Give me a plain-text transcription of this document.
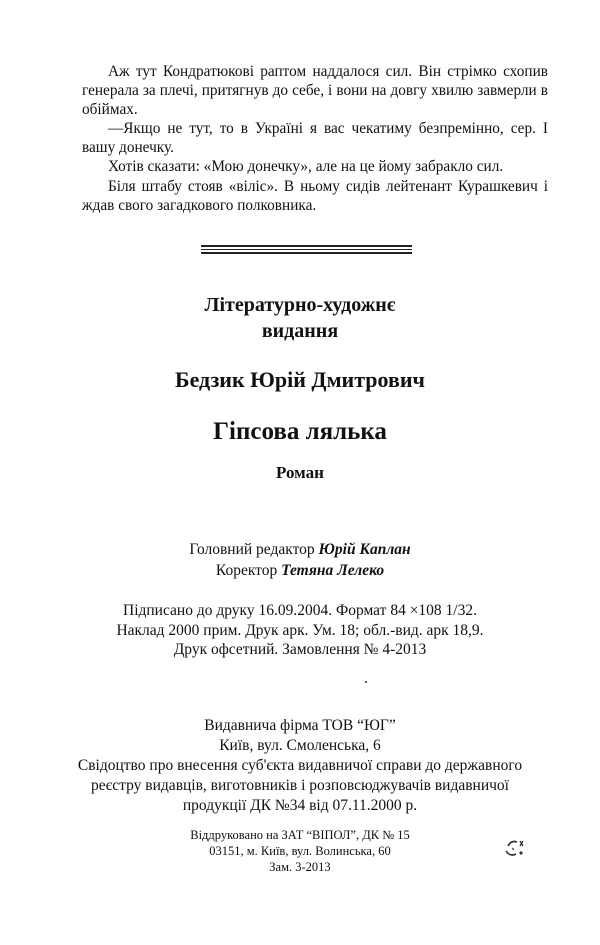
Аж тут Кондратюкові раптом наддалося сил. Він стрімко схопив генерала за плечі, притягнув до себе, і вони на довгу хвилю завмерли в обіймах.

—Якщо не тут, то в Україні я вас чекатиму безпремінно, сер. І вашу донечку.

Хотів сказати: «Мою донечку», але на це йому забракло сил.

Біля штабу стояв «віліс». В ньому сидів лейтенант Курашкевич і ждав свого загадкового полковника.

Літературно-художнє
видання
Бедзик Юрій Дмитрович
Гіпсова лялька
Роман
Головний редактор Юрій Каплан
Коректор Тетяна Лелеко
Підписано до друку 16.09.2004. Формат 84 ×108 1/32.
Наклад 2000 прим. Друк арк. Ум. 18; обл.-вид. арк 18,9.
Друк офсетний. Замовлення № 4-2013
Видавнича фірма ТОВ “ЮГ”
Київ, вул. Смоленська, 6
Свідоцтво про внесення суб'єкта видавничої справи до державного
реєстру видавців, виготовників і розповсюджувачів видавничої
продукції ДК №34 від 07.11.2000 р.
Віддруковано на ЗАТ “ВІПОЛ”, ДК № 15
03151, м. Київ, вул. Волинська, 60
Зам. 3-2013
